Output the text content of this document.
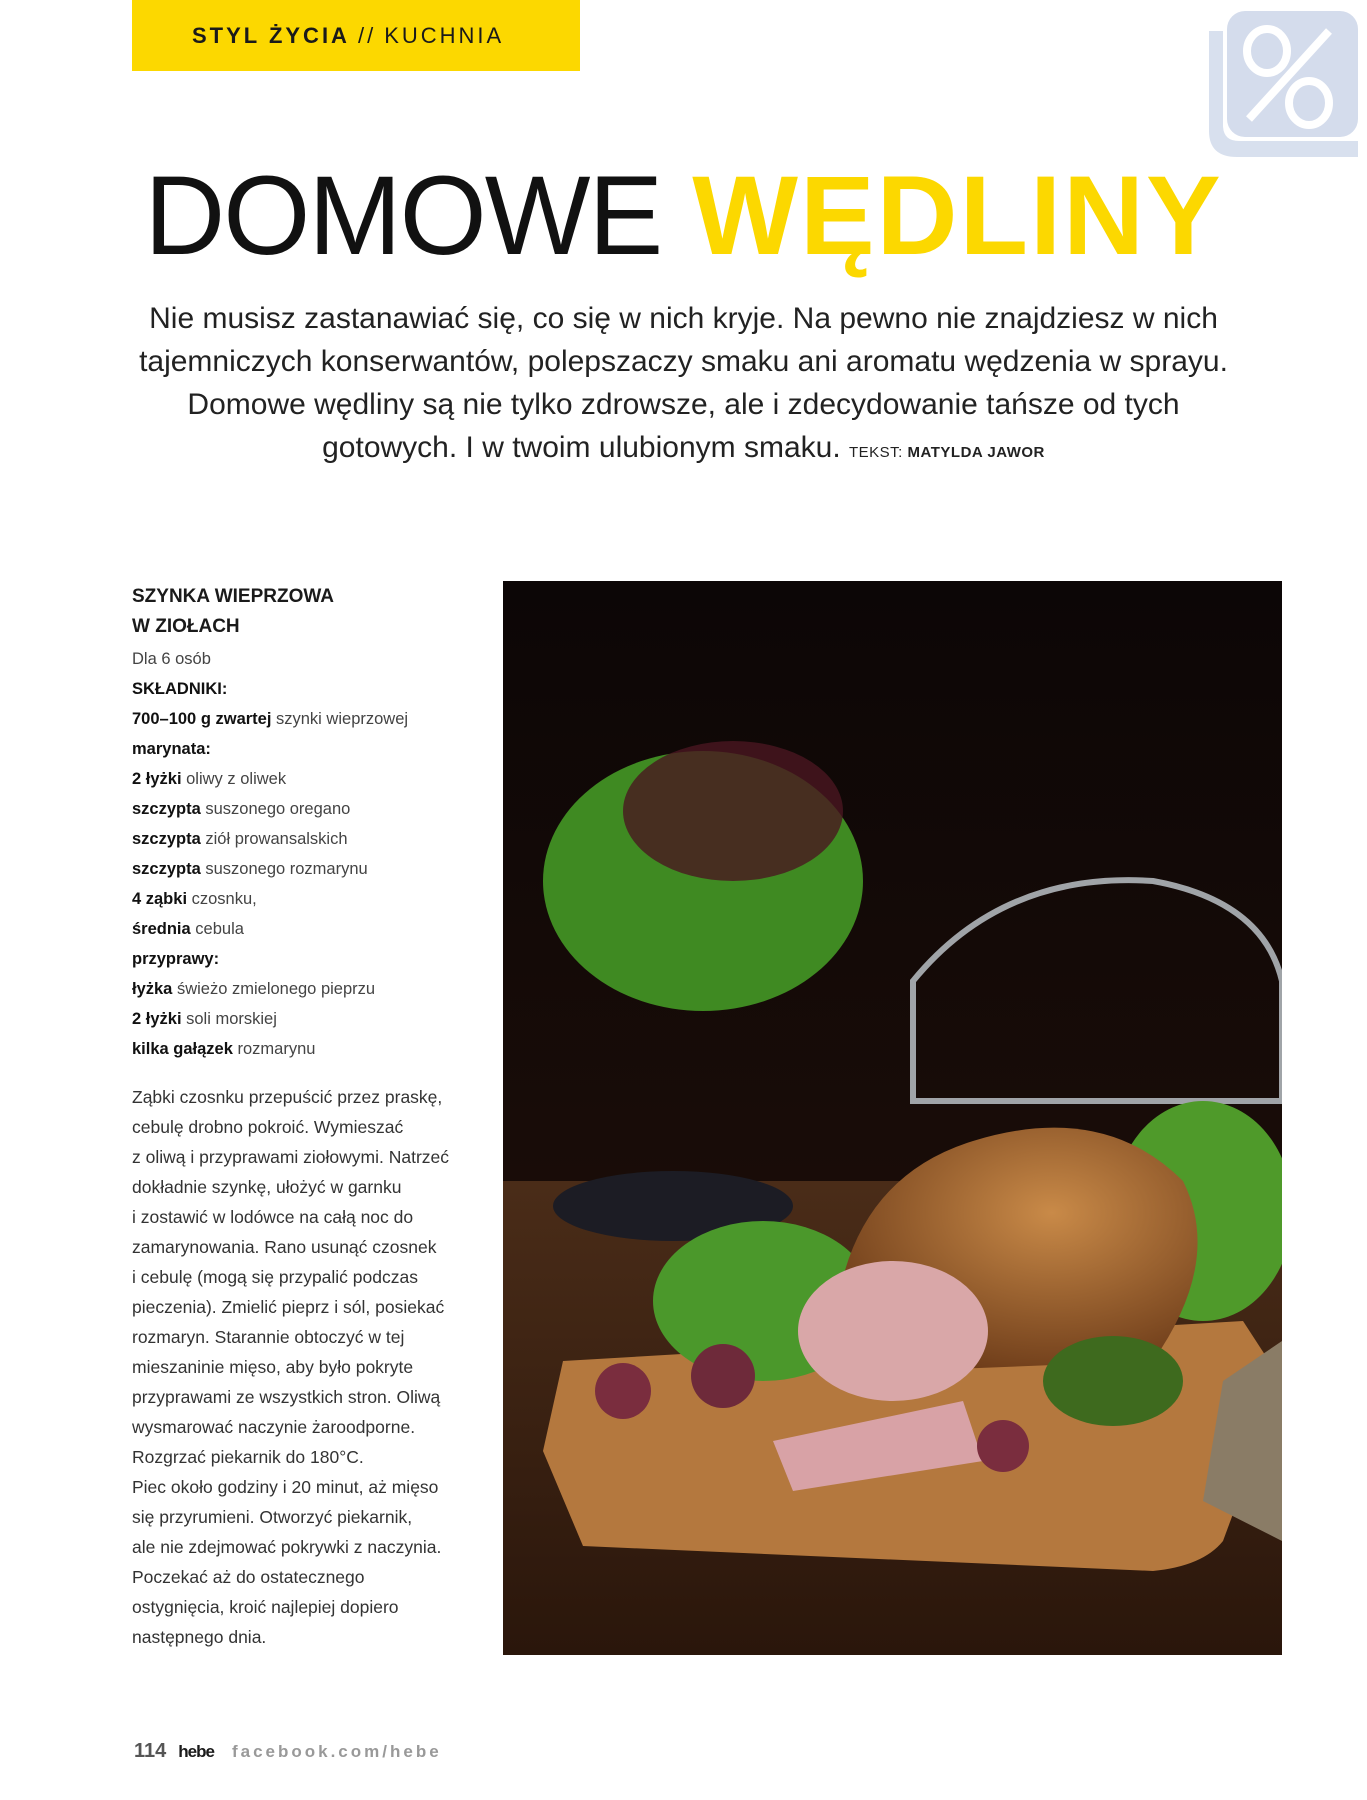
STYL ŻYCIA // KUCHNIA
DOMOWE WĘDLINY

Nie musisz zastanawiać się, co się w nich kryje. Na pewno nie znajdziesz w nich tajemniczych konserwantów, polepszaczy smaku ani aromatu wędzenia w sprayu. Domowe wędliny są nie tylko zdrowsze, ale i zdecydowanie tańsze od tych gotowych. I w twoim ulubionym smaku. TEKST: MATYLDA JAWOR

SZYNKA WIEPRZOWA
W ZIOŁACH
Dla 6 osób
SKŁADNIKI:
700–100 g zwartej szynki wieprzowej
marynata:
2 łyżki oliwy z oliwek
szczypta suszonego oregano
szczypta ziół prowansalskich
szczypta suszonego rozmarynu
4 ząbki czosnku,
średnia cebula
przyprawy:
łyżka świeżo zmielonego pieprzu
2 łyżki soli morskiej
kilka gałązek rozmarynu
Ząbki czosnku przepuścić przez praskę,
cebulę drobno pokroić. Wymieszać
z oliwą i przyprawami ziołowymi. Natrzeć
dokładnie szynkę, ułożyć w garnku
i zostawić w lodówce na całą noc do
zamarynowania. Rano usunąć czosnek
i cebulę (mogą się przypalić podczas
pieczenia). Zmielić pieprz i sól, posiekać
rozmaryn. Starannie obtoczyć w tej
mieszaninie mięso, aby było pokryte
przyprawami ze wszystkich stron. Oliwą
wysmarować naczynie żaroodporne.
Rozgrzać piekarnik do 180°C.
Piec około godziny i 20 minut, aż mięso
się przyrumieni. Otworzyć piekarnik,
ale nie zdejmować pokrywki z naczynia.
Poczekać aż do ostatecznego
ostygnięcia, kroić najlepiej dopiero
następnego dnia.
114 hebe facebook.com/hebe
